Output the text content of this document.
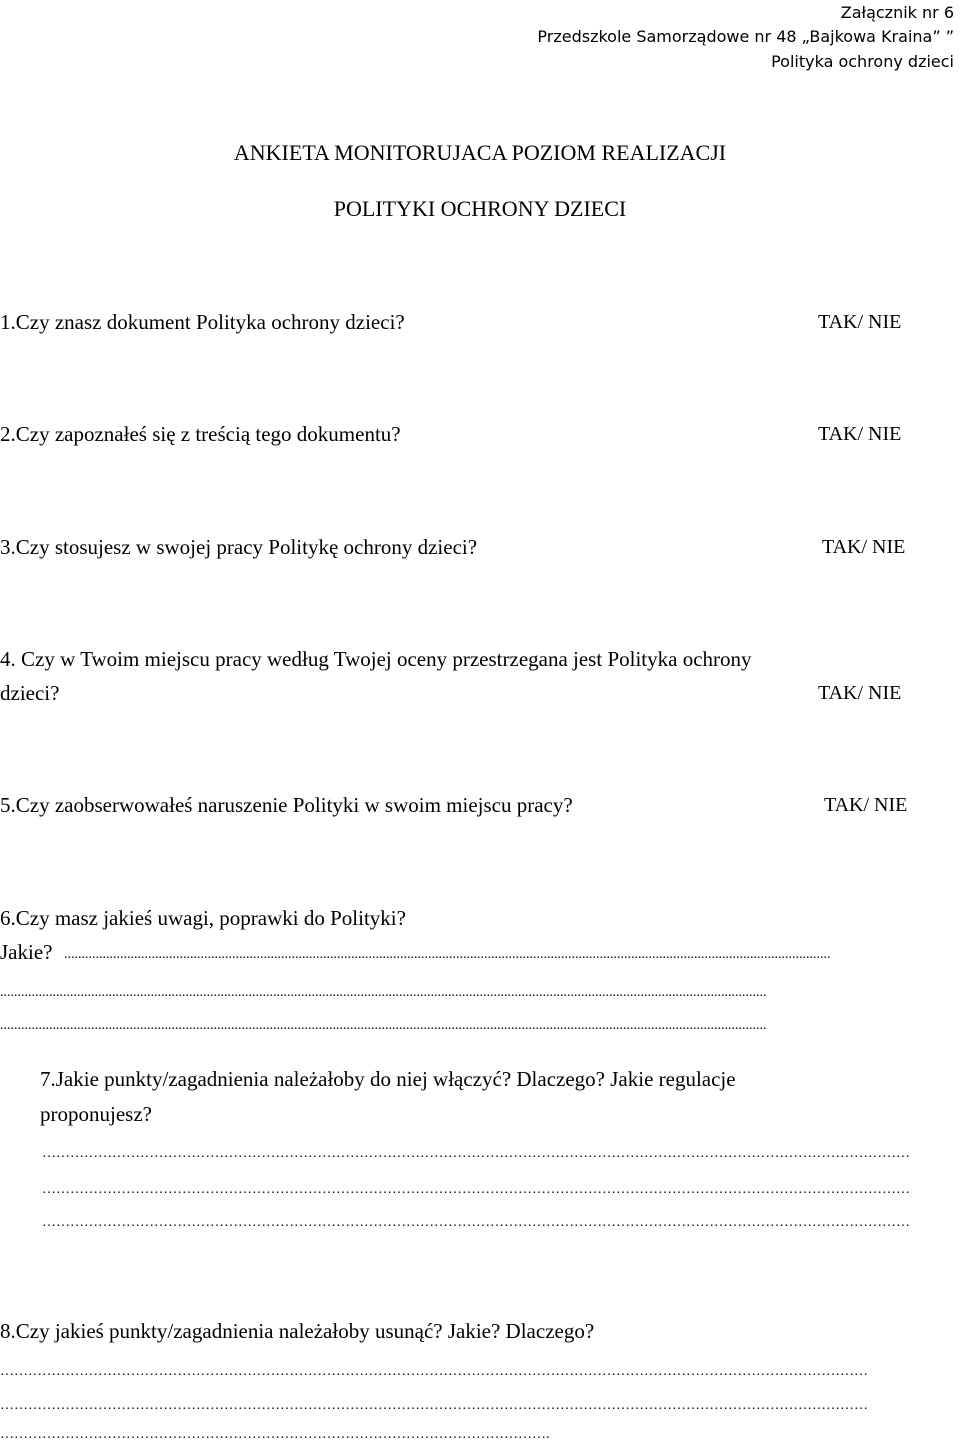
Załącznik nr 6
Przedszkole Samorządowe nr 48 „Bajkowa Kraina” ”
Polityka ochrony dzieci
ANKIETA MONITORUJACA POZIOM REALIZACJI
POLITYKI OCHRONY DZIECI
1.Czy znasz dokument Polityka ochrony dzieci?	TAK/ NIE
2.Czy zapoznałeś się z treścią tego dokumentu?	TAK/ NIE
3.Czy stosujesz w swojej pracy Politykę ochrony dzieci?	TAK/ NIE
4. Czy w Twoim miejscu pracy według Twojej oceny przestrzegana jest Polityka ochrony
dzieci?	TAK/ NIE
5.Czy zaobserwowałeś naruszenie Polityki w swoim miejscu pracy?	TAK/ NIE
6.Czy masz jakieś uwagi, poprawki do Polityki?
Jakie? ...........................................................................................................................................................................................................................
...........................................................................................................................................................................................................................
...........................................................................................................................................................................................................................
7.Jakie punkty/zagadnienia należałoby do niej włączyć? Dlaczego? Jakie regulacje
proponujesz?
……………………………………………………………………………………………………………………………………………………………………
……………………………………………………………………………………………………………………………………………………………………
……………………………………………………………………………………………………………………………………………………………………
8.Czy jakieś punkty/zagadnienia należałoby usunąć? Jakie? Dlaczego?
……………………………………………………………………………………………………………………………………………………………………
……………………………………………………………………………………………………………………………………………………………………
……………………………………………………………………………………………………….
